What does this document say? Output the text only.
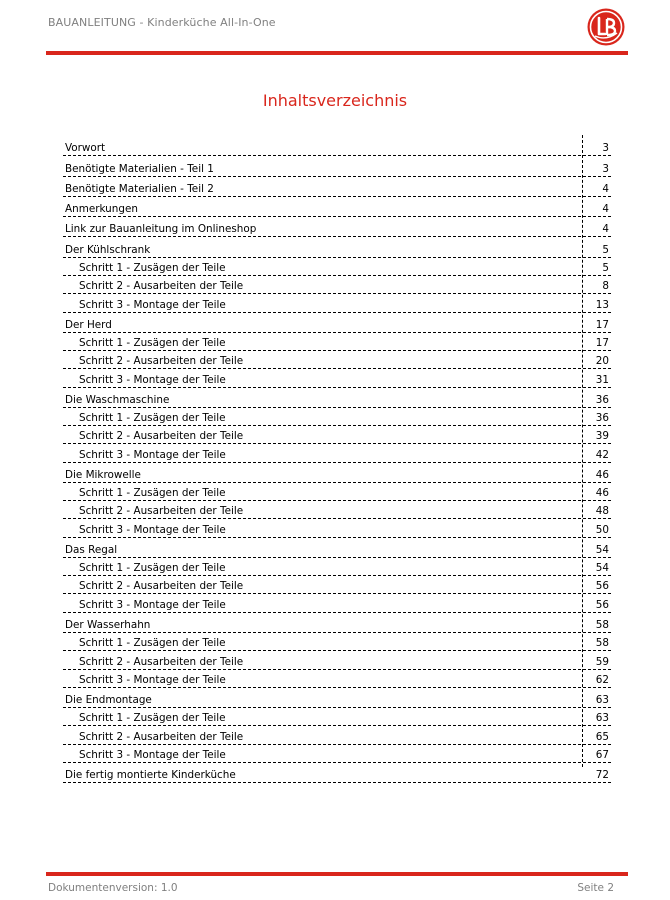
BAUANLEITUNG - Kinderküche All-In-One
Inhaltsverzeichnis
Vorwort	3
Benötigte Materialien - Teil 1	3
Benötigte Materialien - Teil 2	4
Anmerkungen	4
Link zur Bauanleitung im Onlineshop	4
Der Kühlschrank	5
Schritt 1 - Zusägen der Teile	5
Schritt 2 - Ausarbeiten der Teile	8
Schritt 3 - Montage der Teile	13
Der Herd	17
Schritt 1 - Zusägen der Teile	17
Schritt 2 - Ausarbeiten der Teile	20
Schritt 3 - Montage der Teile	31
Die Waschmaschine	36
Schritt 1 - Zusägen der Teile	36
Schritt 2 - Ausarbeiten der Teile	39
Schritt 3 - Montage der Teile	42
Die Mikrowelle	46
Schritt 1 - Zusägen der Teile	46
Schritt 2 - Ausarbeiten der Teile	48
Schritt 3 - Montage der Teile	50
Das Regal	54
Schritt 1 - Zusägen der Teile	54
Schritt 2 - Ausarbeiten der Teile	56
Schritt 3 - Montage der Teile	56
Der Wasserhahn	58
Schritt 1 - Zusägen der Teile	58
Schritt 2 - Ausarbeiten der Teile	59
Schritt 3 - Montage der Teile	62
Die Endmontage	63
Schritt 1 - Zusägen der Teile	63
Schritt 2 - Ausarbeiten der Teile	65
Schritt 3 - Montage der Teile	67
Die fertig montierte Kinderküche	72
Dokumentenversion: 1.0	Seite 2
